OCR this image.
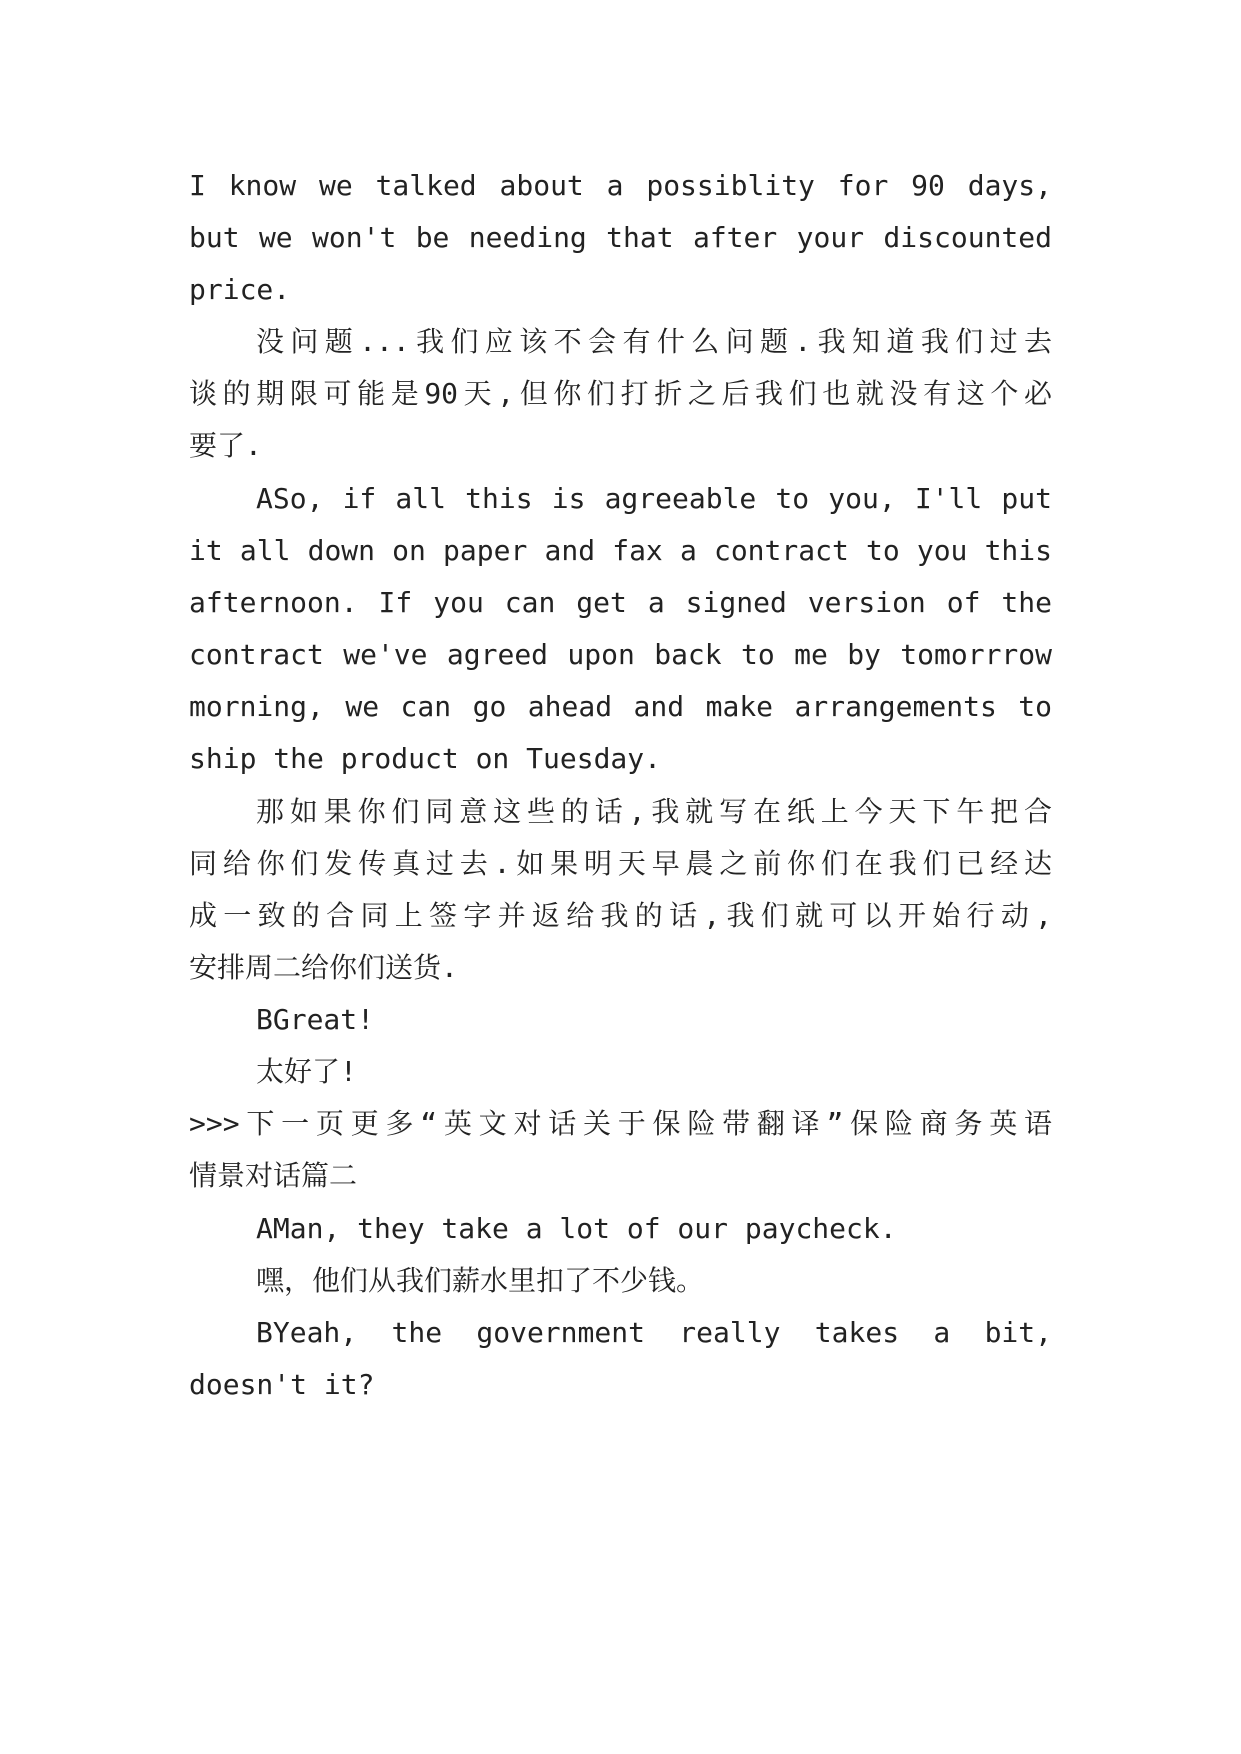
I know we talked about a possiblity for 90 days,
but we won't be needing that after your discounted
price.
没问题...我们应该不会有什么问题.我知道我们过去
谈的期限可能是90天,但你们打折之后我们也就没有这个必
要了.
ASo, if all this is agreeable to you, I'll put
it all down on paper and fax a contract to you this
afternoon. If you can get a signed version of the
contract we've agreed upon back to me by tomorrrow
morning, we can go ahead and make arrangements to
ship the product on Tuesday.
那如果你们同意这些的话,我就写在纸上今天下午把合
同给你们发传真过去.如果明天早晨之前你们在我们已经达
成一致的合同上签字并返给我的话,我们就可以开始行动,
安排周二给你们送货.
BGreat!
太好了!
>>>下一页更多“英文对话关于保险带翻译”保险商务英语
情景对话篇二
AMan, they take a lot of our paycheck.
嘿，他们从我们薪水里扣了不少钱。
BYeah, the government really takes a bit,
doesn't it?
